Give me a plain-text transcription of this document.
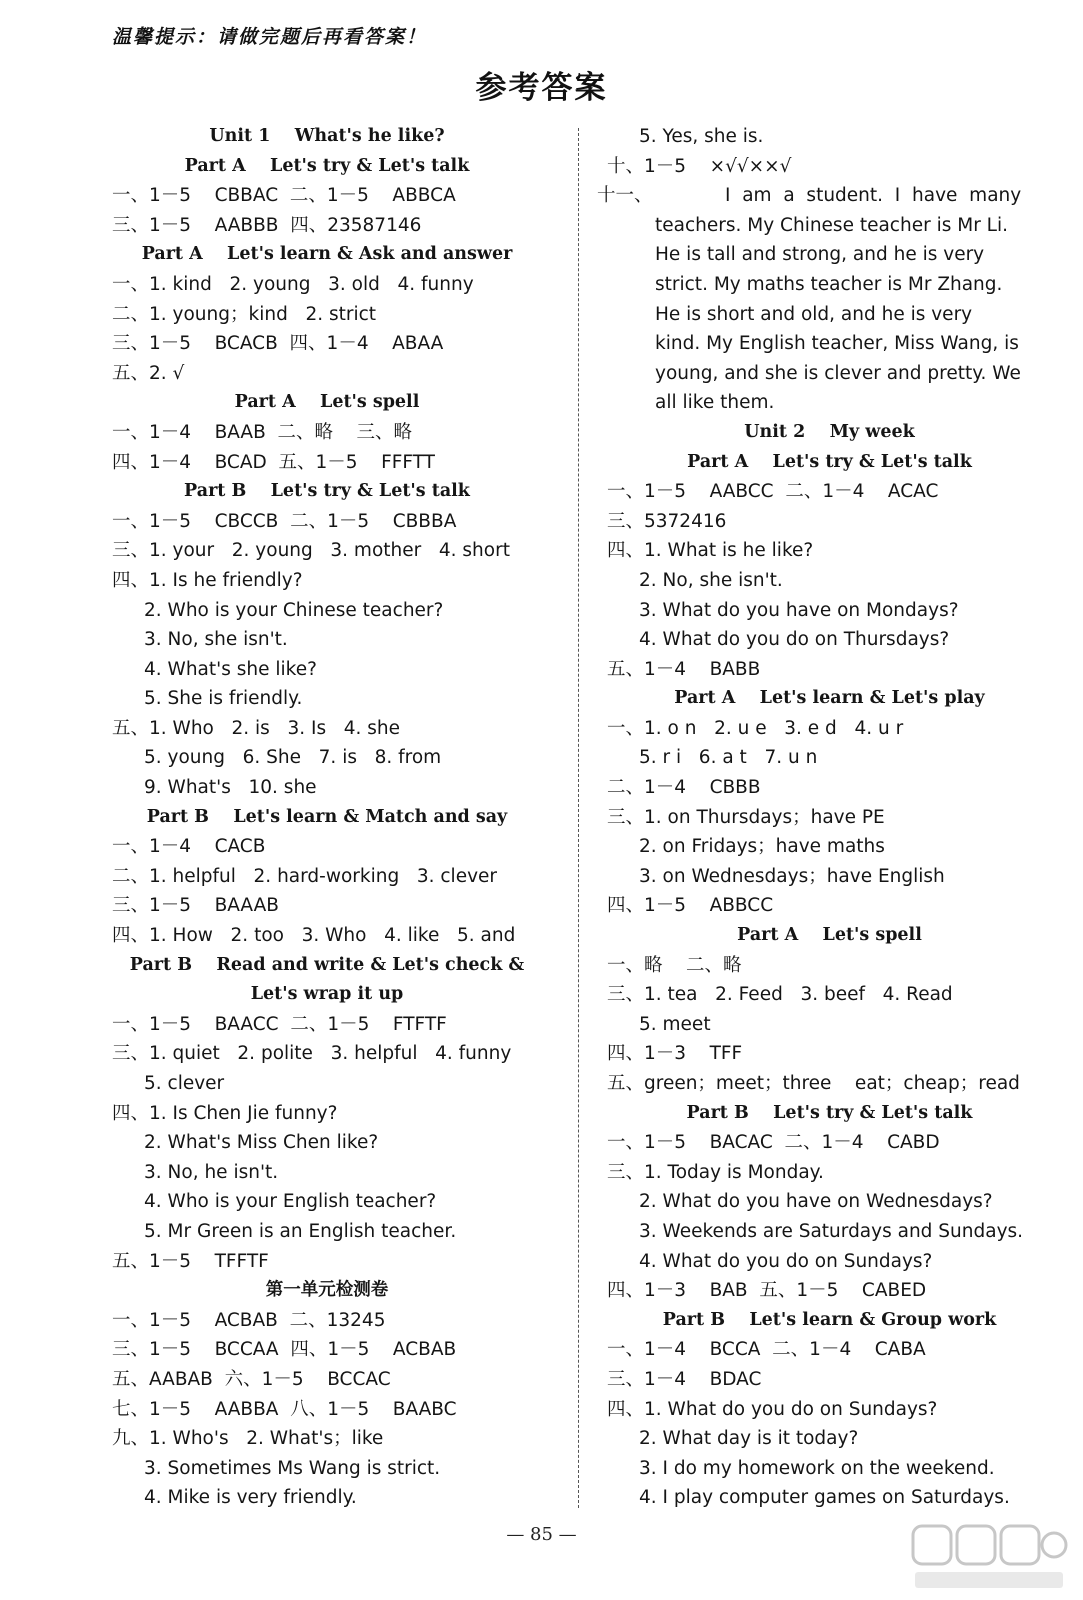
温馨提示：请做完题后再看答案！
参考答案
Unit 1    What's he like?
Part A    Let's try & Let's talk
一、1－5    CBBAC  二、1－5    ABBCA
三、1－5    AABBB  四、23587146
Part A    Let's learn & Ask and answer
一、1. kind   2. young   3. old   4. funny
二、1. young；kind   2. strict
三、1－5    BCACB  四、1－4    ABAA
五、2. √
Part A    Let's spell
一、1－4    BAAB  二、略    三、略
四、1－4    BCAD  五、1－5    FFFTT
Part B    Let's try & Let's talk
一、1－5    CBCCB  二、1－5    CBBBA
三、1. your   2. young   3. mother   4. short
四、1. Is he friendly?
2. Who is your Chinese teacher?
3. No, she isn't.
4. What's she like?
5. She is friendly.
五、1. Who   2. is   3. Is   4. she
5. young   6. She   7. is   8. from
9. What's   10. she
Part B    Let's learn & Match and say
一、1－4    CACB
二、1. helpful   2. hard-working   3. clever
三、1－5    BAAAB
四、1. How   2. too   3. Who   4. like   5. and
Part B    Read and write & Let's check &
Let's wrap it up
一、1－5    BAACC  二、1－5    FTFTF
三、1. quiet   2. polite   3. helpful   4. funny
5. clever
四、1. Is Chen Jie funny?
2. What's Miss Chen like?
3. No, he isn't.
4. Who is your English teacher?
5. Mr Green is an English teacher.
五、1－5    TFFTF
第一单元检测卷
一、1－5    ACBAB  二、13245
三、1－5    BCCAA  四、1－5    ACBAB
五、AABAB  六、1－5    BCCAC
七、1－5    AABBA  八、1－5    BAABC
九、1. Who's   2. What's；like
3. Sometimes Ms Wang is strict.
4. Mike is very friendly.
5. Yes, she is.
十、1－5    ×√√××√
十一、	I  am  a  student.  I  have  many
teachers. My Chinese teacher is Mr Li.
He is tall and strong, and he is very
strict. My maths teacher is Mr Zhang.
He is short and old, and he is very
kind. My English teacher, Miss Wang, is
young, and she is clever and pretty. We
all like them.
Unit 2    My week
Part A    Let's try & Let's talk
一、1－5    AABCC  二、1－4    ACAC
三、5372416
四、1. What is he like?
2. No, she isn't.
3. What do you have on Mondays?
4. What do you do on Thursdays?
五、1－4    BABB
Part A    Let's learn & Let's play
一、1. o n   2. u e   3. e d   4. u r
5. r i   6. a t   7. u n
二、1－4    CBBB
三、1. on Thursdays；have PE
2. on Fridays；have maths
3. on Wednesdays；have English
四、1－5    ABBCC
Part A    Let's spell
一、略    二、略
三、1. tea   2. Feed   3. beef   4. Read
5. meet
四、1－3    TFF
五、green；meet；three    eat；cheap；read
Part B    Let's try & Let's talk
一、1－5    BACAC  二、1－4    CABD
三、1. Today is Monday.
2. What do you have on Wednesdays?
3. Weekends are Saturdays and Sundays.
4. What do you do on Sundays?
四、1－3    BAB  五、1－5    CABED
Part B    Let's learn & Group work
一、1－4    BCCA  二、1－4    CABA
三、1－4    BDAC
四、1. What do you do on Sundays?
2. What day is it today?
3. I do my homework on the weekend.
4. I play computer games on Saturdays.
— 85 —
